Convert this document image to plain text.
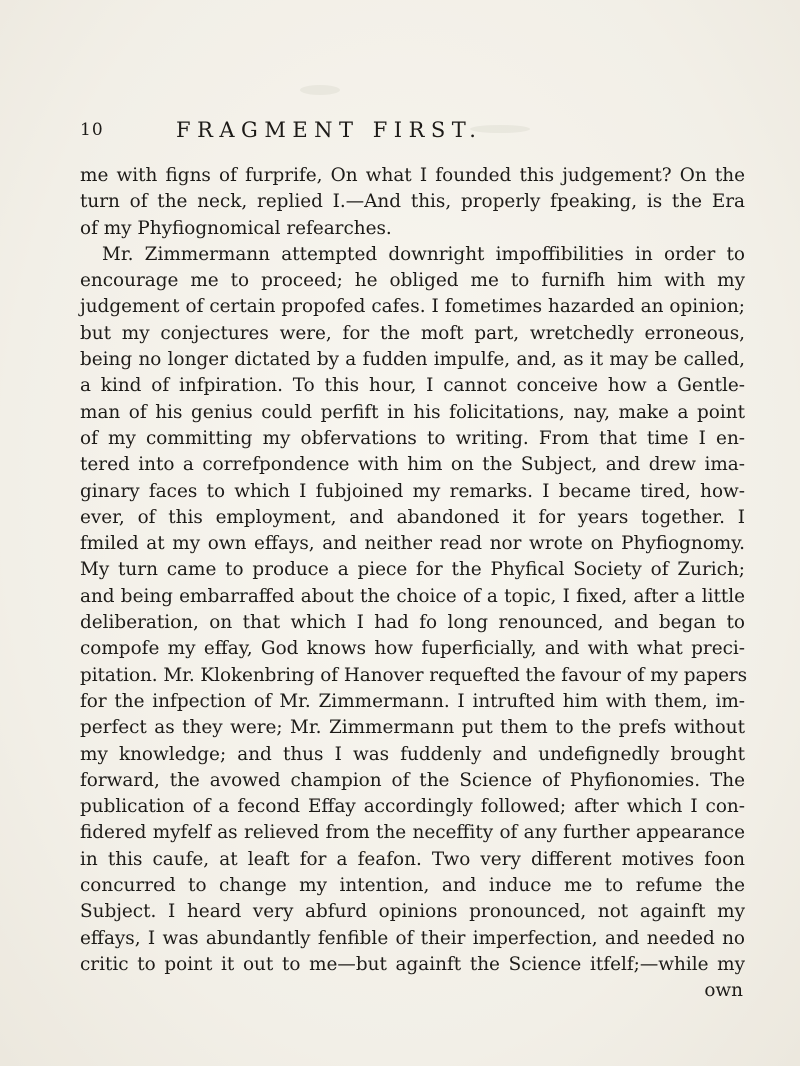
10	FRAGMENT FIRST.
me with figns of furprife, On what I founded this judgement? On the
turn of the neck, replied I.—And this, properly fpeaking, is the Era
of my Phyfiognomical refearches.
Mr. Zimmermann attempted downright impoffibilities in order to
encourage me to proceed; he obliged me to furnifh him with my
judgement of certain propofed cafes. I fometimes hazarded an opinion;
but my conjectures were, for the moft part, wretchedly erroneous,
being no longer dictated by a fudden impulfe, and, as it may be called,
a kind of infpiration. To this hour, I cannot conceive how a Gentle-
man of his genius could perfift in his folicitations, nay, make a point
of my committing my obfervations to writing. From that time I en-
tered into a correfpondence with him on the Subject, and drew ima-
ginary faces to which I fubjoined my remarks. I became tired, how-
ever, of this employment, and abandoned it for years together. I
fmiled at my own effays, and neither read nor wrote on Phyfiognomy.
My turn came to produce a piece for the Phyfical Society of Zurich;
and being embarraffed about the choice of a topic, I fixed, after a little
deliberation, on that which I had fo long renounced, and began to
compofe my effay, God knows how fuperficially, and with what preci-
pitation. Mr. Klokenbring of Hanover requefted the favour of my papers
for the infpection of Mr. Zimmermann. I intrufted him with them, im-
perfect as they were; Mr. Zimmermann put them to the prefs without
my knowledge; and thus I was fuddenly and undefignedly brought
forward, the avowed champion of the Science of Phyfionomies. The
publication of a fecond Effay accordingly followed; after which I con-
fidered myfelf as relieved from the neceffity of any further appearance
in this caufe, at leaft for a feafon. Two very different motives foon
concurred to change my intention, and induce me to refume the
Subject. I heard very abfurd opinions pronounced, not againft my
effays, I was abundantly fenfible of their imperfection, and needed no
critic to point it out to me—but againft the Science itfelf;—while my
own
